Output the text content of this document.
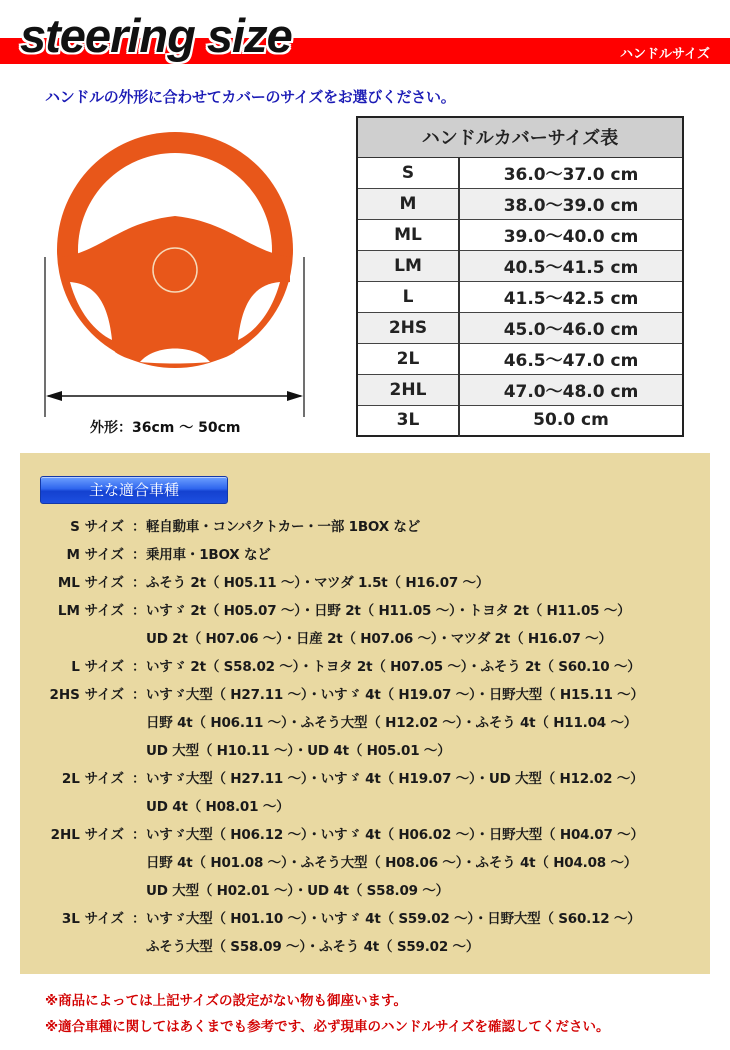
steering size	ハンドルサイズ
ハンドルの外形に合わせてカバーのサイズをお選びください。
外形：36cm 〜 50cm
ハンドルカバーサイズ表	
S	36.0〜37.0 cm
M	38.0〜39.0 cm
ML	39.0〜40.0 cm
LM	40.5〜41.5 cm
L	41.5〜42.5 cm
2HS	45.0〜46.0 cm
2L	46.5〜47.0 cm
2HL	47.0〜48.0 cm
3L	50.0 cm
主な適合車種
S サイズ ： 軽自動車・コンパクトカー・一部 1BOX など
M サイズ ： 乗用車・1BOX など
ML サイズ ： ふそう 2t（ H05.11 〜）・マツダ 1.5t（ H16.07 〜）
LM サイズ ： いすゞ 2t（ H05.07 〜）・日野 2t（ H11.05 〜）・トヨタ 2t（ H11.05 〜）
UD 2t（ H07.06 〜）・日産 2t（ H07.06 〜）・マツダ 2t（ H16.07 〜）
L サイズ ： いすゞ 2t（ S58.02 〜）・トヨタ 2t（ H07.05 〜）・ふそう 2t（ S60.10 〜）
2HS サイズ ： いすゞ大型（ H27.11 〜）・いすゞ 4t（ H19.07 〜）・日野大型（ H15.11 〜）
日野 4t（ H06.11 〜）・ふそう大型（ H12.02 〜）・ふそう 4t（ H11.04 〜）
UD 大型（ H10.11 〜）・UD 4t（ H05.01 〜）
2L サイズ ： いすゞ大型（ H27.11 〜）・いすゞ 4t（ H19.07 〜）・UD 大型（ H12.02 〜）
UD 4t（ H08.01 〜）
2HL サイズ ： いすゞ大型（ H06.12 〜）・いすゞ 4t（ H06.02 〜）・日野大型（ H04.07 〜）
日野 4t（ H01.08 〜）・ふそう大型（ H08.06 〜）・ふそう 4t（ H04.08 〜）
UD 大型（ H02.01 〜）・UD 4t（ S58.09 〜）
3L サイズ ： いすゞ大型（ H01.10 〜）・いすゞ 4t（ S59.02 〜）・日野大型（ S60.12 〜）
ふそう大型（ S58.09 〜）・ふそう 4t（ S59.02 〜）
※商品によっては上記サイズの設定がない物も御座います。
※適合車種に関してはあくまでも参考です、必ず現車のハンドルサイズを確認してください。
